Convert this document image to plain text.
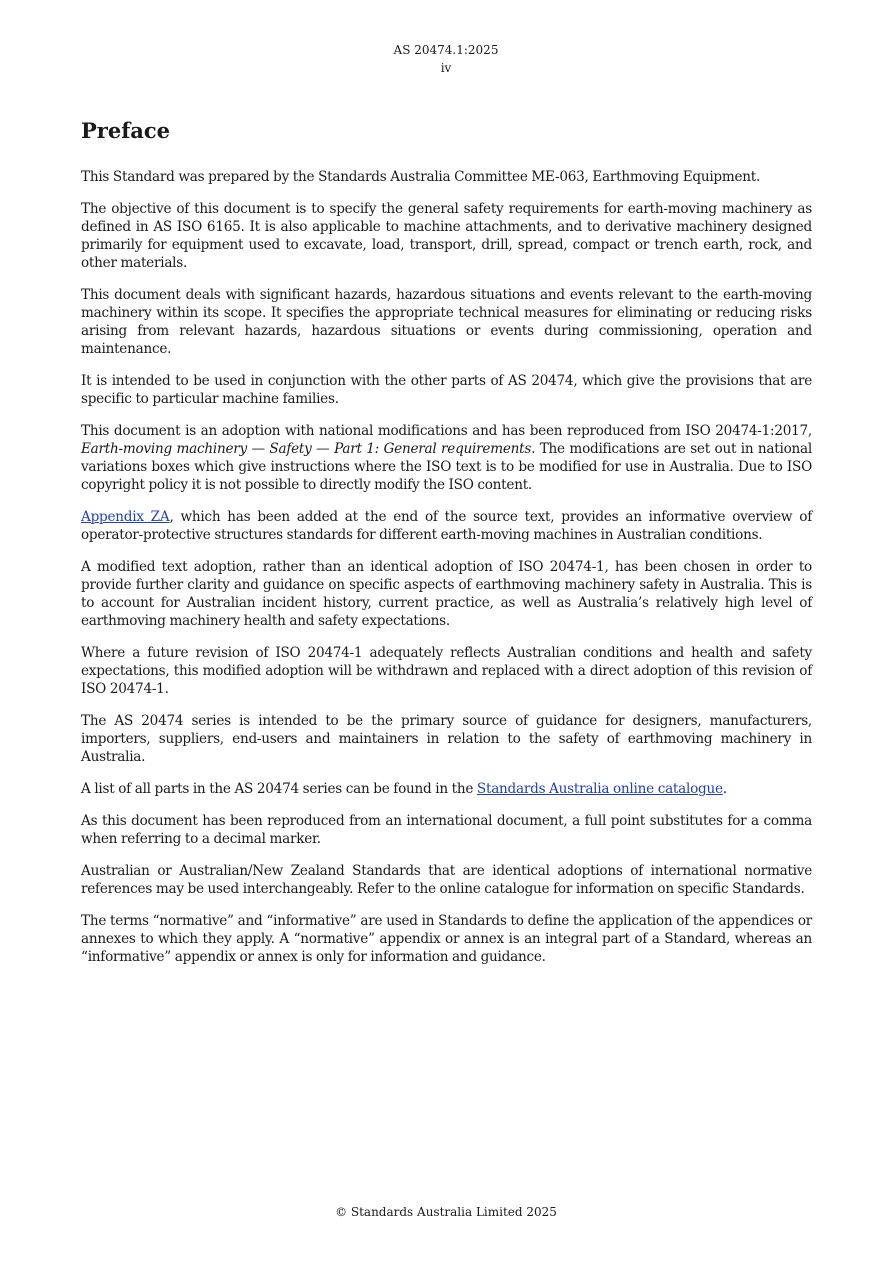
AS 20474.1:2025
iv
Preface

This Standard was prepared by the Standards Australia Committee ME-063, Earthmoving Equipment.

The objective of this document is to specify the general safety requirements for earth-moving machinery as defined in AS ISO 6165. It is also applicable to machine attachments, and to derivative machinery designed primarily for equipment used to excavate, load, transport, drill, spread, compact or trench earth, rock, and other materials.

This document deals with significant hazards, hazardous situations and events relevant to the earth-moving machinery within its scope. It specifies the appropriate technical measures for eliminating or reducing risks arising from relevant hazards, hazardous situations or events during commissioning, operation and maintenance.

It is intended to be used in conjunction with the other parts of AS 20474, which give the provisions that are specific to particular machine families.

This document is an adoption with national modifications and has been reproduced from ISO 20474-1:2017, Earth-moving machinery — Safety — Part 1: General requirements. The modifications are set out in national variations boxes which give instructions where the ISO text is to be modified for use in Australia. Due to ISO copyright policy it is not possible to directly modify the ISO content.

Appendix ZA, which has been added at the end of the source text, provides an informative overview of operator-protective structures standards for different earth-moving machines in Australian conditions.

A modified text adoption, rather than an identical adoption of ISO 20474-1, has been chosen in order to provide further clarity and guidance on specific aspects of earthmoving machinery safety in Australia. This is to account for Australian incident history, current practice, as well as Australia’s relatively high level of earthmoving machinery health and safety expectations.

Where a future revision of ISO 20474-1 adequately reflects Australian conditions and health and safety expectations, this modified adoption will be withdrawn and replaced with a direct adoption of this revision of ISO 20474-1.

The AS 20474 series is intended to be the primary source of guidance for designers, manufacturers, importers, suppliers, end-users and maintainers in relation to the safety of earthmoving machinery in Australia.

A list of all parts in the AS 20474 series can be found in the Standards Australia online catalogue.

As this document has been reproduced from an international document, a full point substitutes for a comma when referring to a decimal marker.

Australian or Australian/New Zealand Standards that are identical adoptions of international normative references may be used interchangeably. Refer to the online catalogue for information on specific Standards.

The terms “normative” and “informative” are used in Standards to define the application of the appendices or annexes to which they apply. A “normative” appendix or annex is an integral part of a Standard, whereas an “informative” appendix or annex is only for information and guidance.

© Standards Australia Limited 2025
